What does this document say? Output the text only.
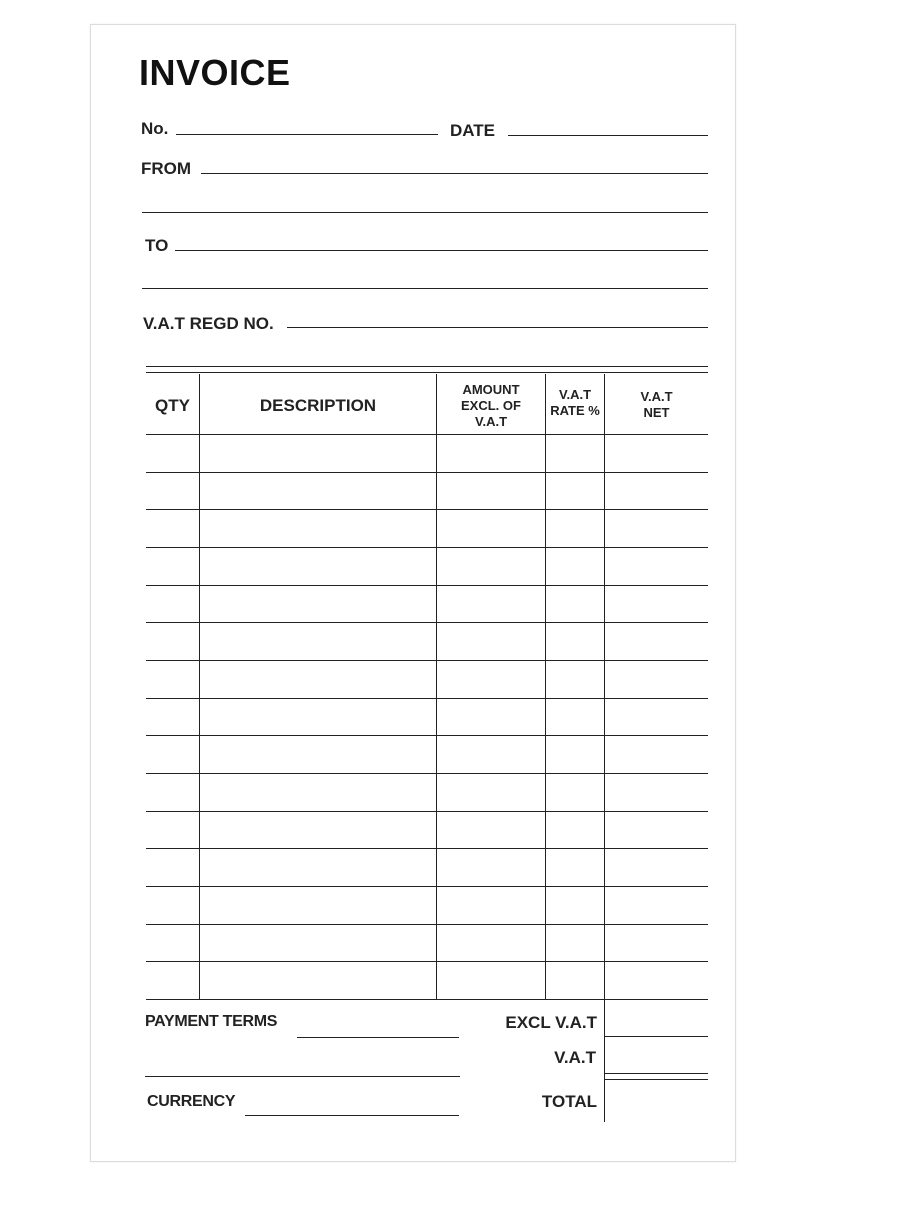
INVOICE
No.	DATE
FROM
TO
V.A.T REGD NO.
QTY	DESCRIPTION
AMOUNT
EXCL. OF
V.A.T
V.A.T
RATE %
V.A.T
NET
PAYMENT TERMS
CURRENCY
EXCL V.A.T
V.A.T
TOTAL
